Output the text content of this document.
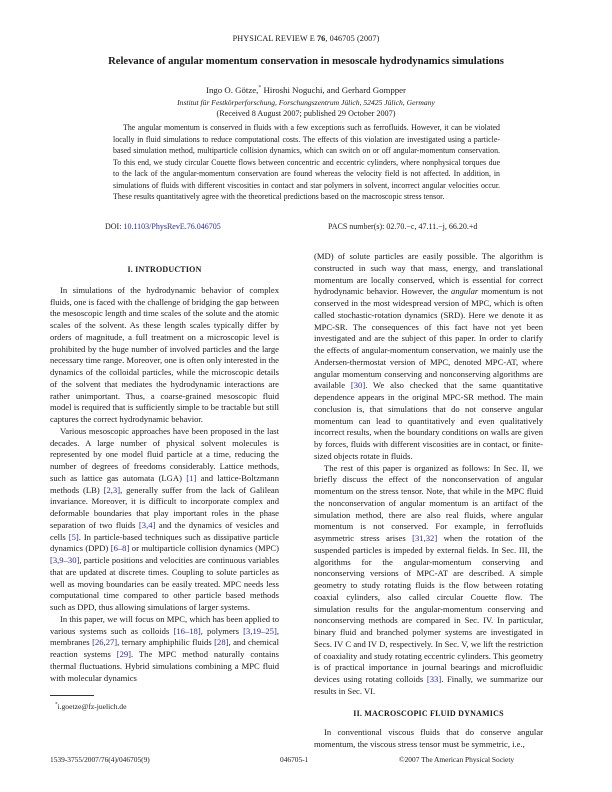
PHYSICAL REVIEW E 76, 046705 (2007)
Relevance of angular momentum conservation in mesoscale hydrodynamics simulations
Ingo O. Götze,* Hiroshi Noguchi, and Gerhard Gompper
Institut für Festkörperforschung, Forschungszentrum Jülich, 52425 Jülich, Germany
(Received 8 August 2007; published 29 October 2007)
The angular momentum is conserved in fluids with a few exceptions such as ferrofluids. However, it can be violated locally in fluid simulations to reduce computational costs. The effects of this violation are investigated using a particle-based simulation method, multiparticle collision dynamics, which can switch on or off angular-momentum conservation. To this end, we study circular Couette flows between concentric and eccentric cylinders, where nonphysical torques due to the lack of the angular-momentum conservation are found whereas the velocity field is not affected. In addition, in simulations of fluids with different viscosities in contact and star polymers in solvent, incorrect angular velocities occur. These results quantitatively agree with the theoretical predictions based on the macroscopic stress tensor.
DOI: 10.1103/PhysRevE.76.046705	PACS number(s): 02.70.−c, 47.11.−j, 66.20.+d
I. INTRODUCTION

In simulations of the hydrodynamic behavior of complex fluids, one is faced with the challenge of bridging the gap between the mesoscopic length and time scales of the solute and the atomic scales of the solvent. As these length scales typically differ by orders of magnitude, a full treatment on a microscopic level is prohibited by the huge number of involved particles and the large necessary time range. Moreover, one is often only interested in the dynamics of the colloidal particles, while the microscopic details of the solvent that mediates the hydrodynamic interactions are rather unimportant. Thus, a coarse-grained mesoscopic fluid model is required that is sufficiently simple to be tractable but still captures the correct hydrodynamic behavior.

Various mesoscopic approaches have been proposed in the last decades. A large number of physical solvent molecules is represented by one model fluid particle at a time, reducing the number of degrees of freedoms considerably. Lattice methods, such as lattice gas automata (LGA) [1] and lattice-Boltzmann methods (LB) [2,3], generally suffer from the lack of Galilean invariance. Moreover, it is difficult to incorporate complex and deformable boundaries that play important roles in the phase separation of two fluids [3,4] and the dynamics of vesicles and cells [5]. In particle-based techniques such as dissipative particle dynamics (DPD) [6–8] or multiparticle collision dynamics (MPC) [3,9–30], particle positions and velocities are continuous variables that are updated at discrete times. Coupling to solute particles as well as moving boundaries can be easily treated. MPC needs less computational time compared to other particle based methods such as DPD, thus allowing simulations of larger systems.

In this paper, we will focus on MPC, which has been applied to various systems such as colloids [16–18], polymers [3,19–25], membranes [26,27], ternary amphiphilic fluids [28], and chemical reaction systems [29]. The MPC method naturally contains thermal fluctuations. Hybrid simulations combining a MPC fluid with molecular dynamics

(MD) of solute particles are easily possible. The algorithm is constructed in such way that mass, energy, and translational momentum are locally conserved, which is essential for correct hydrodynamic behavior. However, the angular momentum is not conserved in the most widespread version of MPC, which is often called stochastic-rotation dynamics (SRD). Here we denote it as MPC-SR. The consequences of this fact have not yet been investigated and are the subject of this paper. In order to clarify the effects of angular-momentum conservation, we mainly use the Andersen-thermostat version of MPC, denoted MPC-AT, where angular momentum conserving and nonconserving algorithms are available [30]. We also checked that the same quantitative dependence appears in the original MPC-SR method. The main conclusion is, that simulations that do not conserve angular momentum can lead to quantitatively and even qualitatively incorrect results, when the boundary conditions on walls are given by forces, fluids with different viscosities are in contact, or finite-sized objects rotate in fluids.

The rest of this paper is organized as follows: In Sec. II, we briefly discuss the effect of the nonconservation of angular momentum on the stress tensor. Note, that while in the MPC fluid the nonconservation of angular momentum is an artifact of the simulation method, there are also real fluids, where angular momentum is not conserved. For example, in ferrofluids asymmetric stress arises [31,32] when the rotation of the suspended particles is impeded by external fields. In Sec. III, the algorithms for the angular-momentum conserving and nonconserving versions of MPC-AT are described. A simple geometry to study rotating fluids is the flow between rotating coaxial cylinders, also called circular Couette flow. The simulation results for the angular-momentum conserving and nonconserving methods are compared in Sec. IV. In particular, binary fluid and branched polymer systems are investigated in Secs. IV C and IV D, respectively. In Sec. V, we lift the restriction of coaxiality and study rotating eccentric cylinders. This geometry is of practical importance in journal bearings and microfluidic devices using rotating colloids [33]. Finally, we summarize our results in Sec. VI.

II. MACROSCOPIC FLUID DYNAMICS

In conventional viscous fluids that do conserve angular momentum, the viscous stress tensor must be symmetric, i.e.,

*i.goetze@fz-juelich.de
1539-3755/2007/76(4)/046705(9)	046705-1	©2007 The American Physical Society
